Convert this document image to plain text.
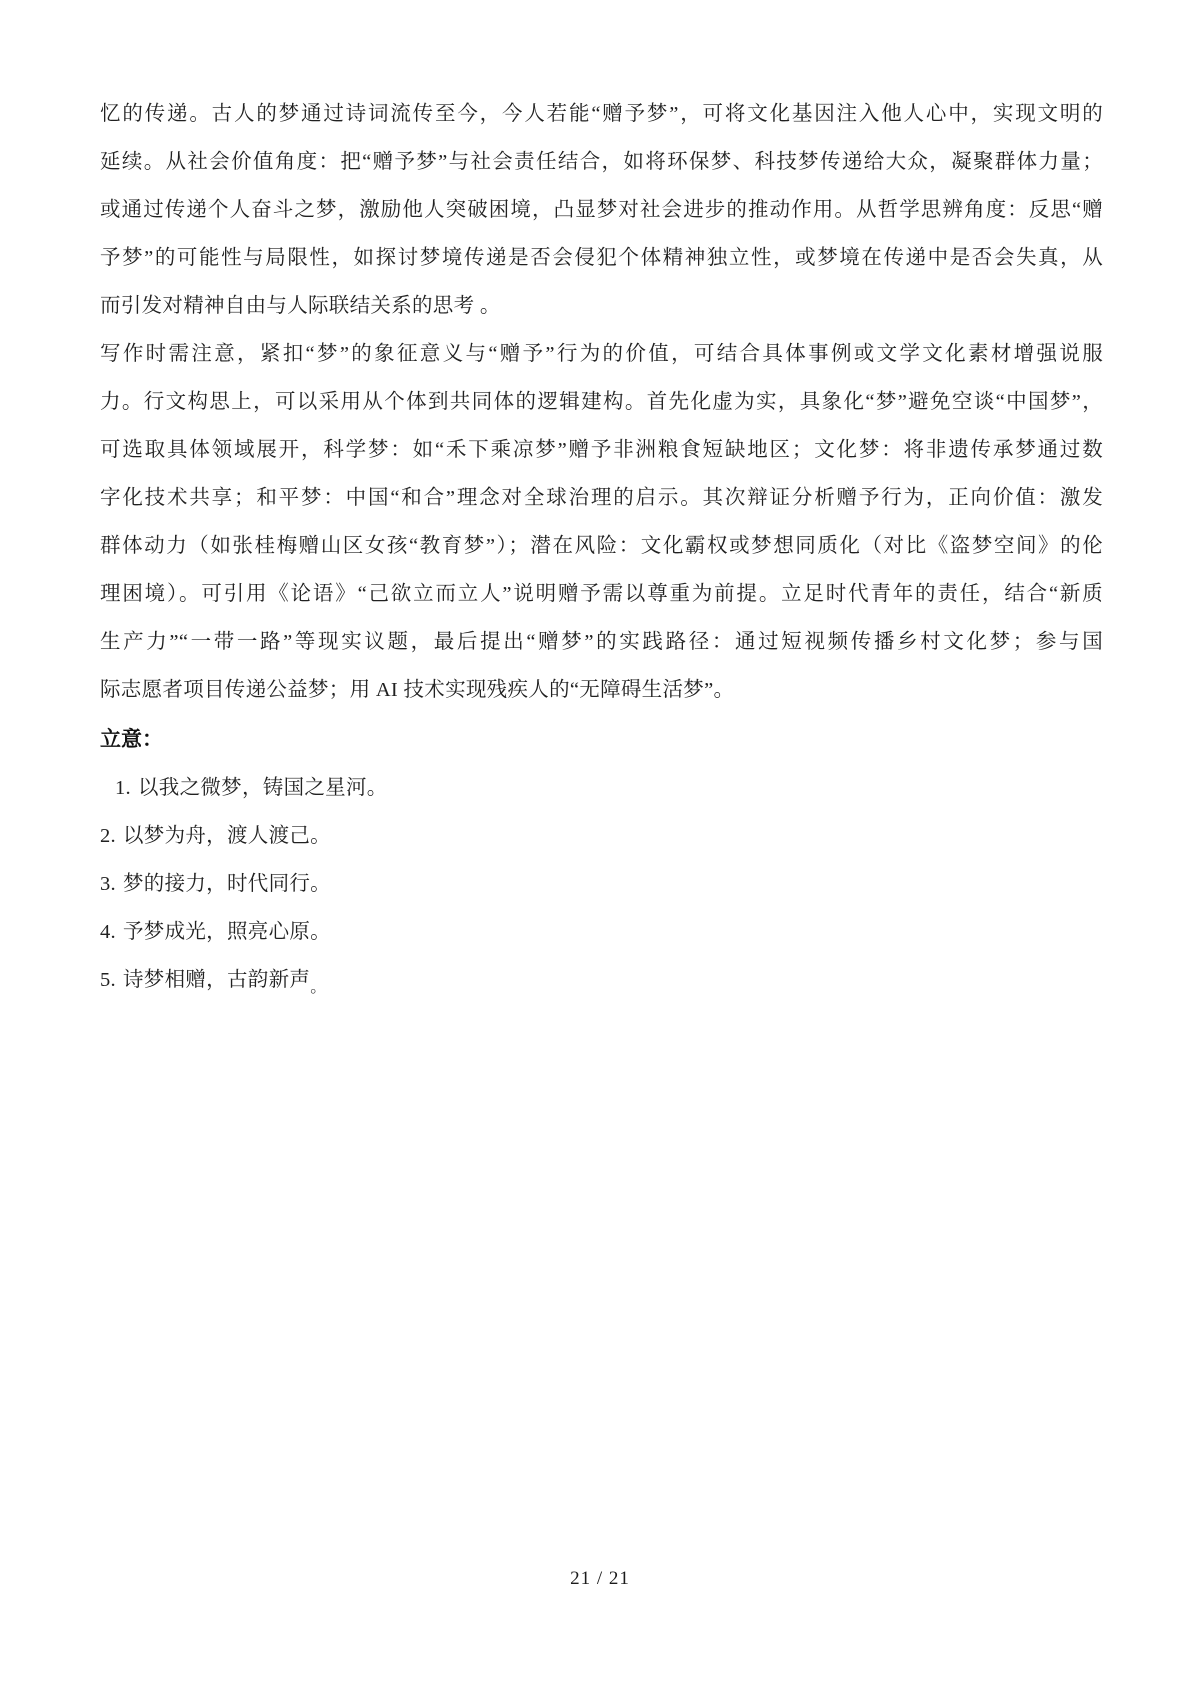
忆的传递。古人的梦通过诗词流传至今，今人若能“赠予梦”，可将文化基因注入他人心中，实现文明的
延续。从社会价值角度：把“赠予梦”与社会责任结合，如将环保梦、科技梦传递给大众，凝聚群体力量；
或通过传递个人奋斗之梦，激励他人突破困境，凸显梦对社会进步的推动作用。从哲学思辨角度：反思“赠
予梦”的可能性与局限性，如探讨梦境传递是否会侵犯个体精神独立性，或梦境在传递中是否会失真，从
而引发对精神自由与人际联结关系的思考 。
写作时需注意，紧扣“梦”的象征意义与“赠予”行为的价值，可结合具体事例或文学文化素材增强说服
力。行文构思上，可以采用从个体到共同体的逻辑建构。首先化虚为实，具象化“梦”避免空谈“中国梦”，
可选取具体领域展开，科学梦：如“禾下乘凉梦”赠予非洲粮食短缺地区；文化梦：将非遗传承梦通过数
字化技术共享；和平梦：中国“和合”理念对全球治理的启示。其次辩证分析赠予行为，正向价值：激发
群体动力（如张桂梅赠山区女孩“教育梦”）；潜在风险：文化霸权或梦想同质化（对比《盗梦空间》的伦
理困境）。可引用《论语》“己欲立而立人”说明赠予需以尊重为前提。立足时代青年的责任，结合“新质
生产力”“一带一路”等现实议题，最后提出“赠梦”的实践路径：通过短视频传播乡村文化梦；参与国
际志愿者项目传递公益梦；用 AI 技术实现残疾人的“无障碍生活梦”。
立意：
1. 以我之微梦，铸国之星河。
2. 以梦为舟，渡人渡己。
3. 梦的接力，时代同行。
4. 予梦成光，照亮心原。
5. 诗梦相赠，古韵新声。
21 / 21
